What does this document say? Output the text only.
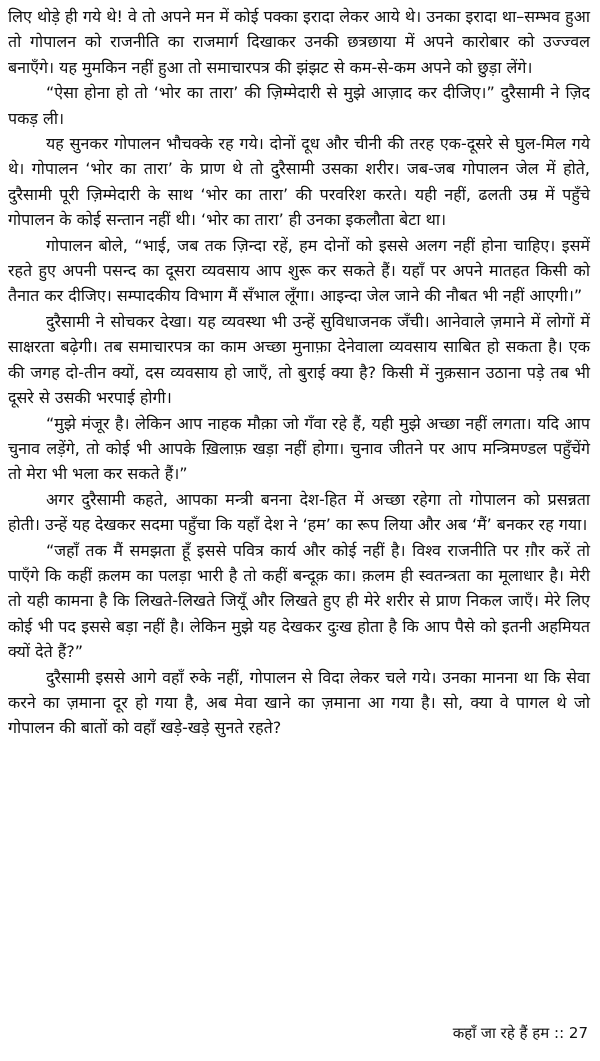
लिए थोड़े ही गये थे! वे तो अपने मन में कोई पक्का इरादा लेकर आये थे। उनका इरादा था–सम्भव हुआ तो गोपालन को राजनीति का राजमार्ग दिखाकर उनकी छत्रछाया में अपने कारोबार को उज्ज्वल बनाएँगे। यह मुमकिन नहीं हुआ तो समाचारपत्र की झंझट से कम-से-कम अपने को छुड़ा लेंगे।

“ऐसा होना हो तो ‘भोर का तारा’ की ज़िम्मेदारी से मुझे आज़ाद कर दीजिए।” दुरैसामी ने ज़िद पकड़ ली।

यह सुनकर गोपालन भौचक्के रह गये। दोनों दूध और चीनी की तरह एक-दूसरे से घुल-मिल गये थे। गोपालन ‘भोर का तारा’ के प्राण थे तो दुरैसामी उसका शरीर। जब-जब गोपालन जेल में होते, दुरैसामी पूरी ज़िम्मेदारी के साथ ‘भोर का तारा’ की परवरिश करते। यही नहीं, ढलती उम्र में पहुँचे गोपालन के कोई सन्तान नहीं थी। ‘भोर का तारा’ ही उनका इकलौता बेटा था।

गोपालन बोले, “भाई, जब तक ज़िन्दा रहें, हम दोनों को इससे अलग नहीं होना चाहिए। इसमें रहते हुए अपनी पसन्द का दूसरा व्यवसाय आप शुरू कर सकते हैं। यहाँ पर अपने मातहत किसी को तैनात कर दीजिए। सम्पादकीय विभाग मैं सँभाल लूँगा। आइन्दा जेल जाने की नौबत भी नहीं आएगी।”

दुरैसामी ने सोचकर देखा। यह व्यवस्था भी उन्हें सुविधाजनक जँची। आनेवाले ज़माने में लोगों में साक्षरता बढ़ेगी। तब समाचारपत्र का काम अच्छा मुनाफ़ा देनेवाला व्यवसाय साबित हो सकता है। एक की जगह दो-तीन क्यों, दस व्यवसाय हो जाएँ, तो बुराई क्या है? किसी में नुक़सान उठाना पड़े तब भी दूसरे से उसकी भरपाई होगी।

“मुझे मंजूर है। लेकिन आप नाहक मौक़ा जो गँवा रहे हैं, यही मुझे अच्छा नहीं लगता। यदि आप चुनाव लड़ेंगे, तो कोई भी आपके ख़िलाफ़ खड़ा नहीं होगा। चुनाव जीतने पर आप मन्त्रिमण्डल पहुँचेंगे तो मेरा भी भला कर सकते हैं।”

अगर दुरैसामी कहते, आपका मन्त्री बनना देश-हित में अच्छा रहेगा तो गोपालन को प्रसन्नता होती। उन्हें यह देखकर सदमा पहुँचा कि यहाँ देश ने ‘हम’ का रूप लिया और अब ‘मैं’ बनकर रह गया।

“जहाँ तक मैं समझता हूँ इससे पवित्र कार्य और कोई नहीं है। विश्व राजनीति पर ग़ौर करें तो पाएँगे कि कहीं क़लम का पलड़ा भारी है तो कहीं बन्दूक़ का। क़लम ही स्वतन्त्रता का मूलाधार है। मेरी तो यही कामना है कि लिखते-लिखते जियूँ और लिखते हुए ही मेरे शरीर से प्राण निकल जाएँ। मेरे लिए कोई भी पद इससे बड़ा नहीं है। लेकिन मुझे यह देखकर दुःख होता है कि आप पैसे को इतनी अहमियत क्यों देते हैं?”

दुरैसामी इससे आगे वहाँ रुके नहीं, गोपालन से विदा लेकर चले गये। उनका मानना था कि सेवा करने का ज़माना दूर हो गया है, अब मेवा खाने का ज़माना आ गया है। सो, क्या वे पागल थे जो गोपालन की बातों को वहाँ खड़े-खड़े सुनते रहते?

कहाँ जा रहे हैं हम :: 27
